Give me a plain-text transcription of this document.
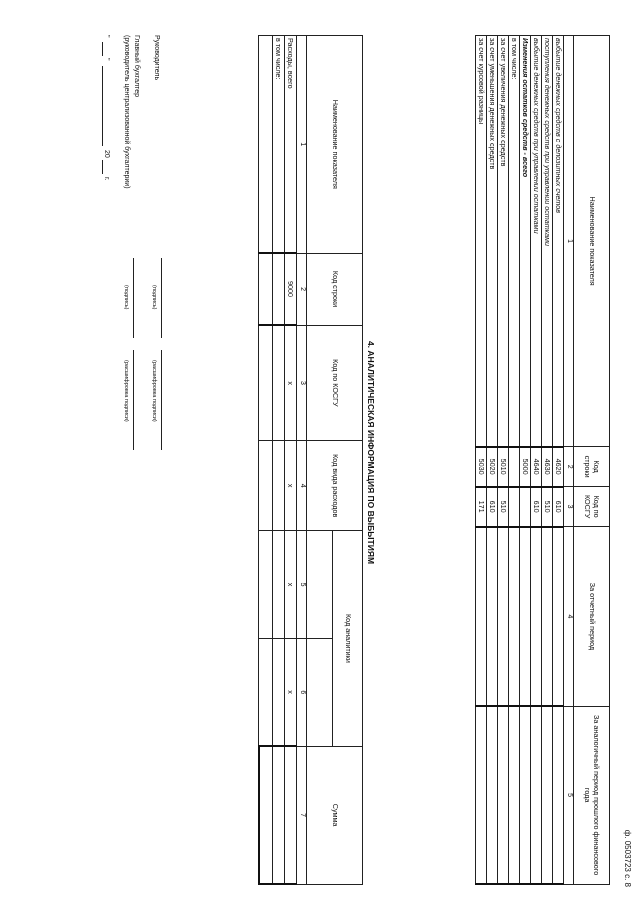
ф. 0503723 с. 8
Наименование показателя	Код строки	Код по КОСГУ	За отчетный период	За аналогичный период прошлого финансового года
1	2	3	4	5
выбытие денежных средств с депозитных счетов	4620	610		
поступления денежных средств при управлении остатками	4630	510		
выбытие денежных средств при управлении остатками	4640	610		
Изменения остатков средств - всего	5000			
в том числе:				
за счет увеличения денежных средств	5010	510		
за счет уменьшения денежных средств	5020	610		
за счет курсовой разницы	5030	171		
4. АНАЛИТИЧЕСКАЯ ИНФОРМАЦИЯ ПО ВЫБЫТИЯМ
Наименование показателя	Код строки	Код по КОСГУ	Код вида расходов	Код аналитики		Сумма

1	2	3	4	5	6	7
Расходы, всего	9000	x	x	x	x	
в том числе:						

Руководитель
(подпись)
(расшифровка подписи)
Главный бухгалтер
(руководитель централизованной бухгалтерии)
(подпись)
(расшифровка подписи)
"
"
20
г.
